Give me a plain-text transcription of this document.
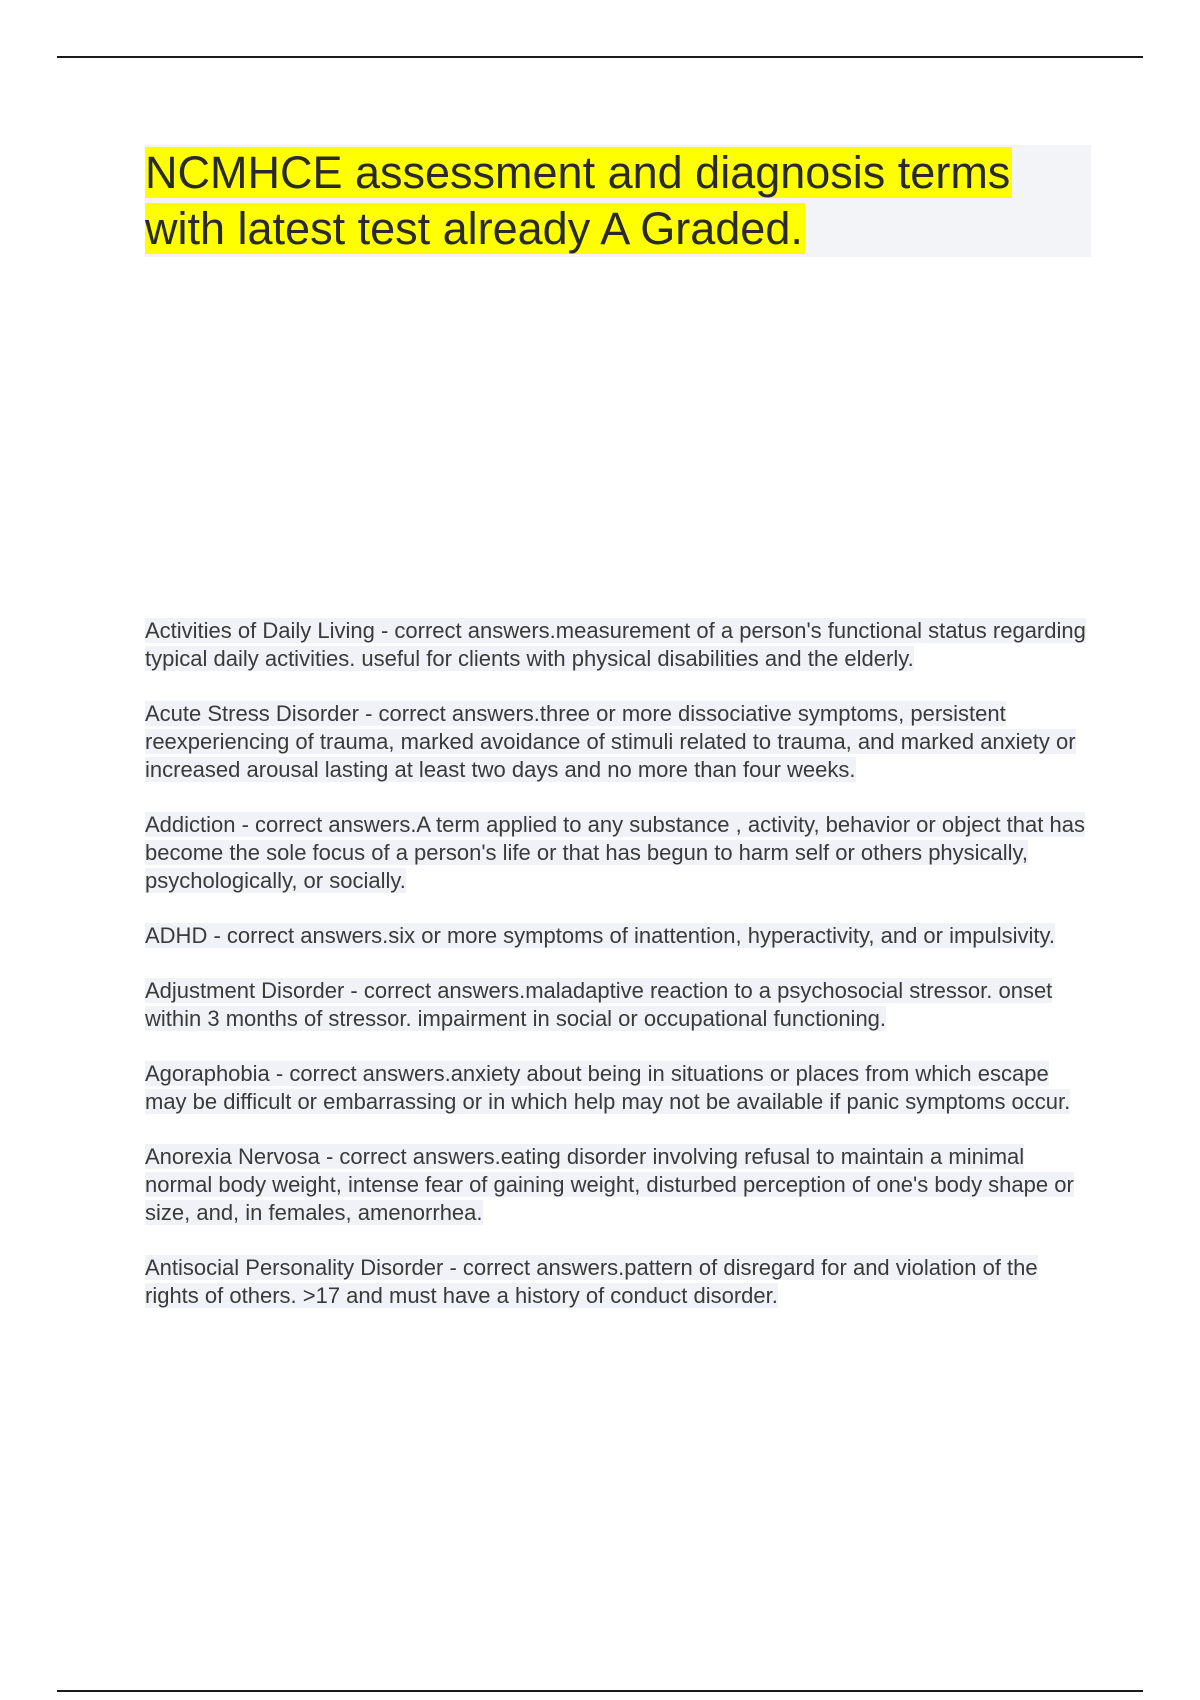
NCMHCE assessment and diagnosis terms
with latest test already A Graded.

Activities of Daily Living - correct answers.measurement of a person's functional status regarding typical daily activities. useful for clients with physical disabilities and the elderly.

Acute Stress Disorder - correct answers.three or more dissociative symptoms, persistent reexperiencing of trauma, marked avoidance of stimuli related to trauma, and marked anxiety or increased arousal lasting at least two days and no more than four weeks.

Addiction - correct answers.A term applied to any substance , activity, behavior or object that has become the sole focus of a person's life or that has begun to harm self or others physically, psychologically, or socially.

ADHD - correct answers.six or more symptoms of inattention, hyperactivity, and or impulsivity.

Adjustment Disorder - correct answers.maladaptive reaction to a psychosocial stressor. onset within 3 months of stressor. impairment in social or occupational functioning.

Agoraphobia - correct answers.anxiety about being in situations or places from which escape may be difficult or embarrassing or in which help may not be available if panic symptoms occur.

Anorexia Nervosa - correct answers.eating disorder involving refusal to maintain a minimal normal body weight, intense fear of gaining weight, disturbed perception of one's body shape or size, and, in females, amenorrhea.

Antisocial Personality Disorder - correct answers.pattern of disregard for and violation of the rights of others. >17 and must have a history of conduct disorder.
